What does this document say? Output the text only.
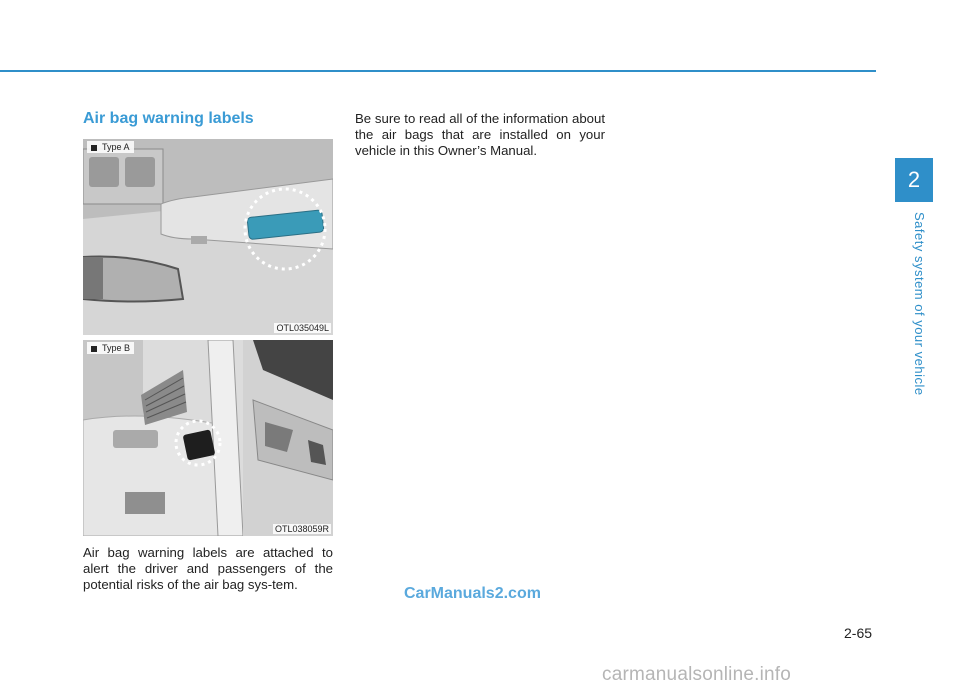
2
Safety system of your vehicle
Air bag warning labels
Type A
OTL035049L
Type B
OTL038059R
Air bag warning labels are attached to alert the driver and passengers of the potential risks of the air bag sys-tem.
Be sure to read all of the information about the air bags that are installed on your vehicle in this Owner’s Manual.
CarManuals2.com
2-65
carmanualsonline.info
